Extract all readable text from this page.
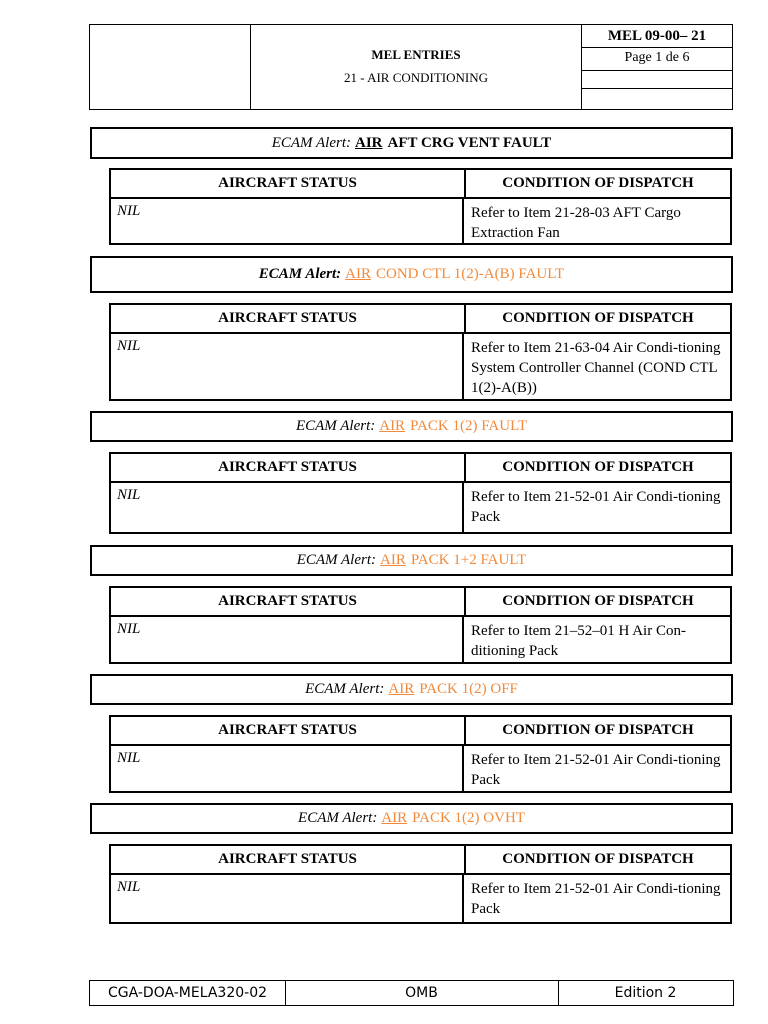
MEL ENTRIES
21 - AIR CONDITIONING
MEL 09-00– 21
Page 1 de 6
ECAM Alert: AIR AFT CRG VENT FAULT
AIRCRAFT STATUS	CONDITION OF DISPATCH
NIL	Refer to Item 21-28-03 AFT Cargo Extraction Fan
ECAM Alert: AIR COND CTL 1(2)-A(B) FAULT
AIRCRAFT STATUS	CONDITION OF DISPATCH
NIL	Refer to Item 21-63-04 Air Condi-tioning System Controller Channel (COND CTL 1(2)-A(B))
ECAM Alert: AIR PACK 1(2) FAULT
AIRCRAFT STATUS	CONDITION OF DISPATCH
NIL	Refer to Item 21-52-01 Air Condi-tioning Pack
ECAM Alert: AIR PACK 1+2 FAULT
AIRCRAFT STATUS	CONDITION OF DISPATCH
NIL	Refer to Item 21–52–01 H Air Con-ditioning Pack
ECAM Alert: AIR PACK 1(2) OFF
AIRCRAFT STATUS	CONDITION OF DISPATCH
NIL	Refer to Item 21-52-01 Air Condi-tioning Pack
ECAM Alert: AIR PACK 1(2) OVHT
AIRCRAFT STATUS	CONDITION OF DISPATCH
NIL	Refer to Item 21-52-01 Air Condi-tioning Pack
CGA-DOA-MELA320-02	OMB	Edition 2
